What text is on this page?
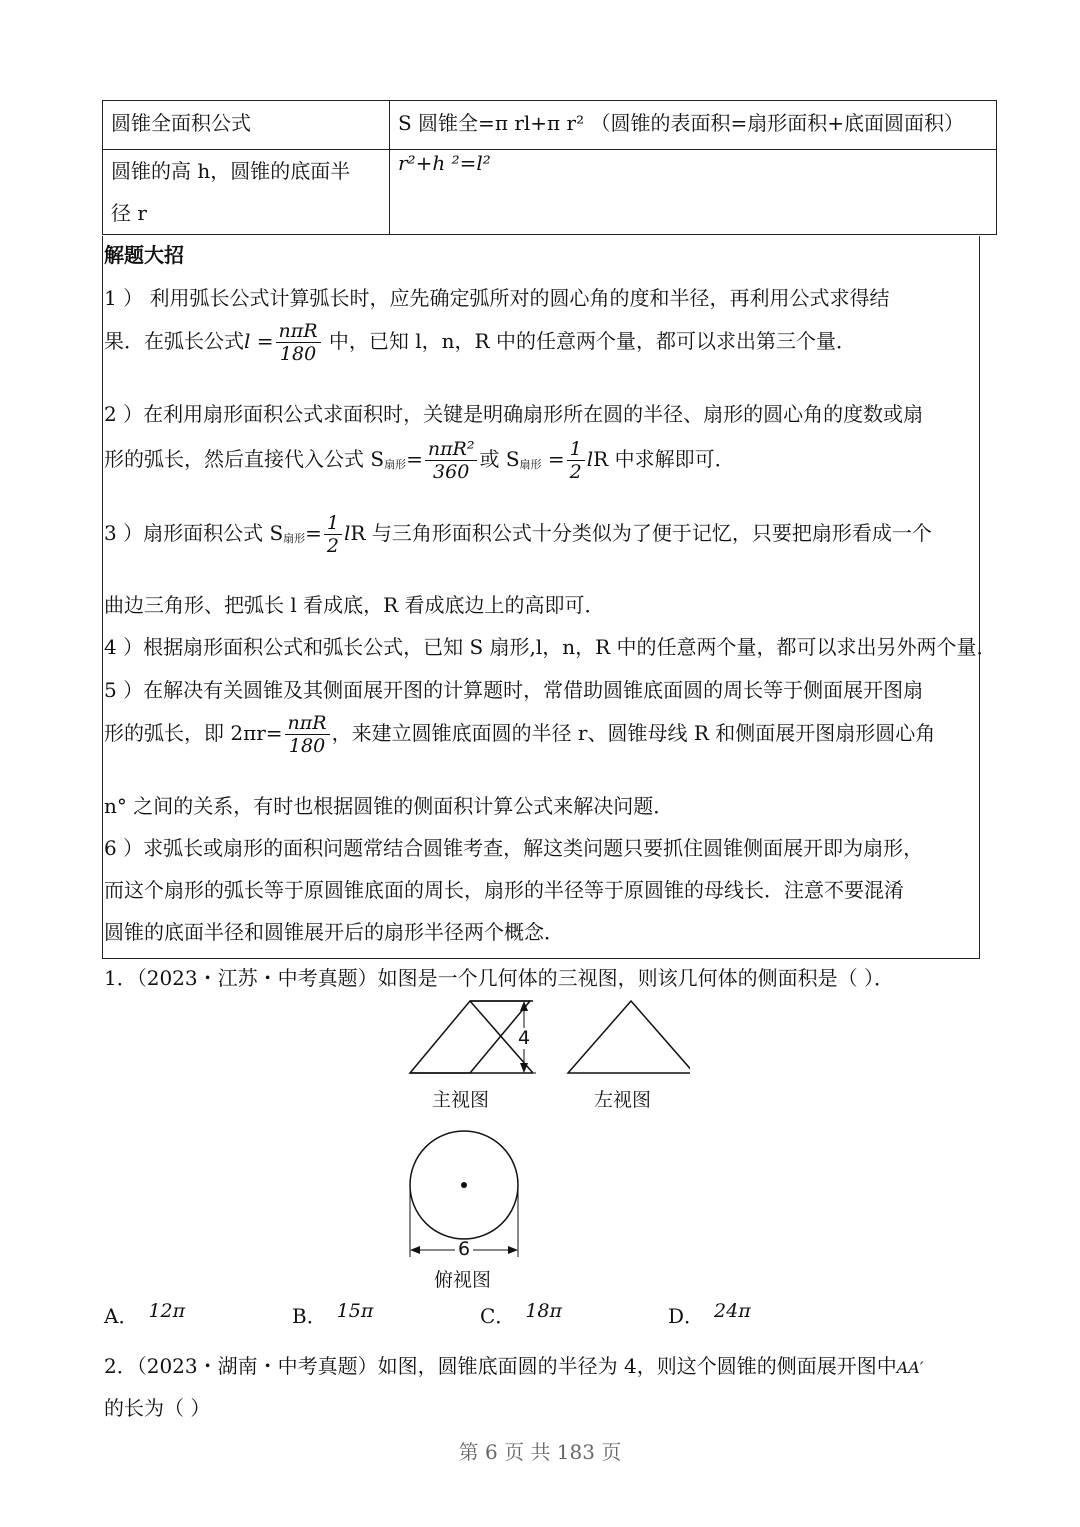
圆锥全面积公式	S 圆锥全=π rl+π r² （圆锥的表面积=扇形面积+底面圆面积）
圆锥的高 h，圆锥的底面半
径 r	r²+h ²=l²
解题大招
1 ） 利用弧长公式计算弧长时，应先确定弧所对的圆心角的度和半径，再利用公式求得结
果．在弧长公式$l = \frac{\text{nπR}}{180}$ 中，已知 l，n，R 中的任意两个量，都可以求出第三个量．
2 ）在利用扇形面积公式求面积时，关键是明确扇形所在圆的半径、扇形的圆心角的度数或扇
形的弧长，然后直接代入公式 S扇形= $\frac{\text{nπR²}}{360}$ 或 S扇形 = $\frac{1}{2}$ lR 中求解即可．
3 ）扇形面积公式 S扇形= $\frac{1}{2}$ lR 与三角形面积公式十分类似为了便于记忆，只要把扇形看成一个
曲边三角形、把弧长 l 看成底，R 看成底边上的高即可．
4 ）根据扇形面积公式和弧长公式，已知 S 扇形,l，n，R 中的任意两个量，都可以求出另外两个量．
5 ）在解决有关圆锥及其侧面展开图的计算题时，常借助圆锥底面圆的周长等于侧面展开图扇
形的弧长，即 $2\pi r= \frac{\text{nπR}}{180}$ ，来建立圆锥底面圆的半径 r、圆锥母线 R 和侧面展开图扇形圆心角
n° 之间的关系，有时也根据圆锥的侧面积计算公式来解决问题．
6 ）求弧长或扇形的面积问题常结合圆锥考查，解这类问题只要抓住圆锥侧面展开即为扇形，
而这个扇形的弧长等于原圆锥底面的周长，扇形的半径等于原圆锥的母线长．注意不要混淆
圆锥的底面半径和圆锥展开后的扇形半径两个概念．
1．（2023・江苏・中考真题）如图是一个几何体的三视图，则该几何体的侧面积是（ ）．
4
6
主视图	左视图
俯视图
A． 12π	B． 15π	C． 18π	D． 24π
2．（2023・湖南・中考真题）如图，圆锥底面圆的半径为 4，则这个圆锥的侧面展开图中AA′
的长为（ ）
第 6 页 共 183 页
